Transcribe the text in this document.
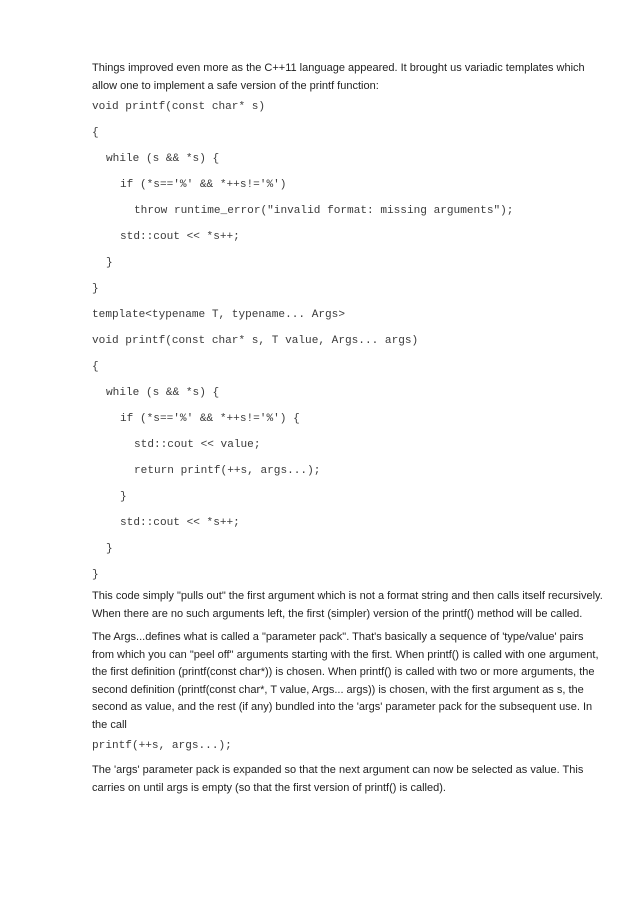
Things improved even more as the C++11 language appeared. It brought us variadic templates which allow one to implement a safe version of the printf function:

void printf(const char* s)
{
while (s && *s) {
if (*s=='%' && *++s!='%')
throw runtime_error("invalid format: missing arguments");
std::cout << *s++;
}
}
template<typename T, typename... Args>
void printf(const char* s, T value, Args... args)
{
while (s && *s) {
if (*s=='%' && *++s!='%') {
std::cout << value;
return printf(++s, args...);
}
std::cout << *s++;
}
}

This code simply "pulls out" the first argument which is not a format string and then calls itself recursively. When there are no such arguments left, the first (simpler) version of the printf() method will be called.

The Args...defines what is called a "parameter pack". That's basically a sequence of 'type/value' pairs from which you can "peel off" arguments starting with the first. When printf() is called with one argument, the first definition (printf(const char*)) is chosen. When printf() is called with two or more arguments, the second definition (printf(const char*, T value, Args... args)) is chosen, with the first argument as s, the second as value, and the rest (if any) bundled into the 'args' parameter pack for the subsequent use. In the call

printf(++s, args...);

The 'args' parameter pack is expanded so that the next argument can now be selected as value. This carries on until args is empty (so that the first version of printf() is called).
